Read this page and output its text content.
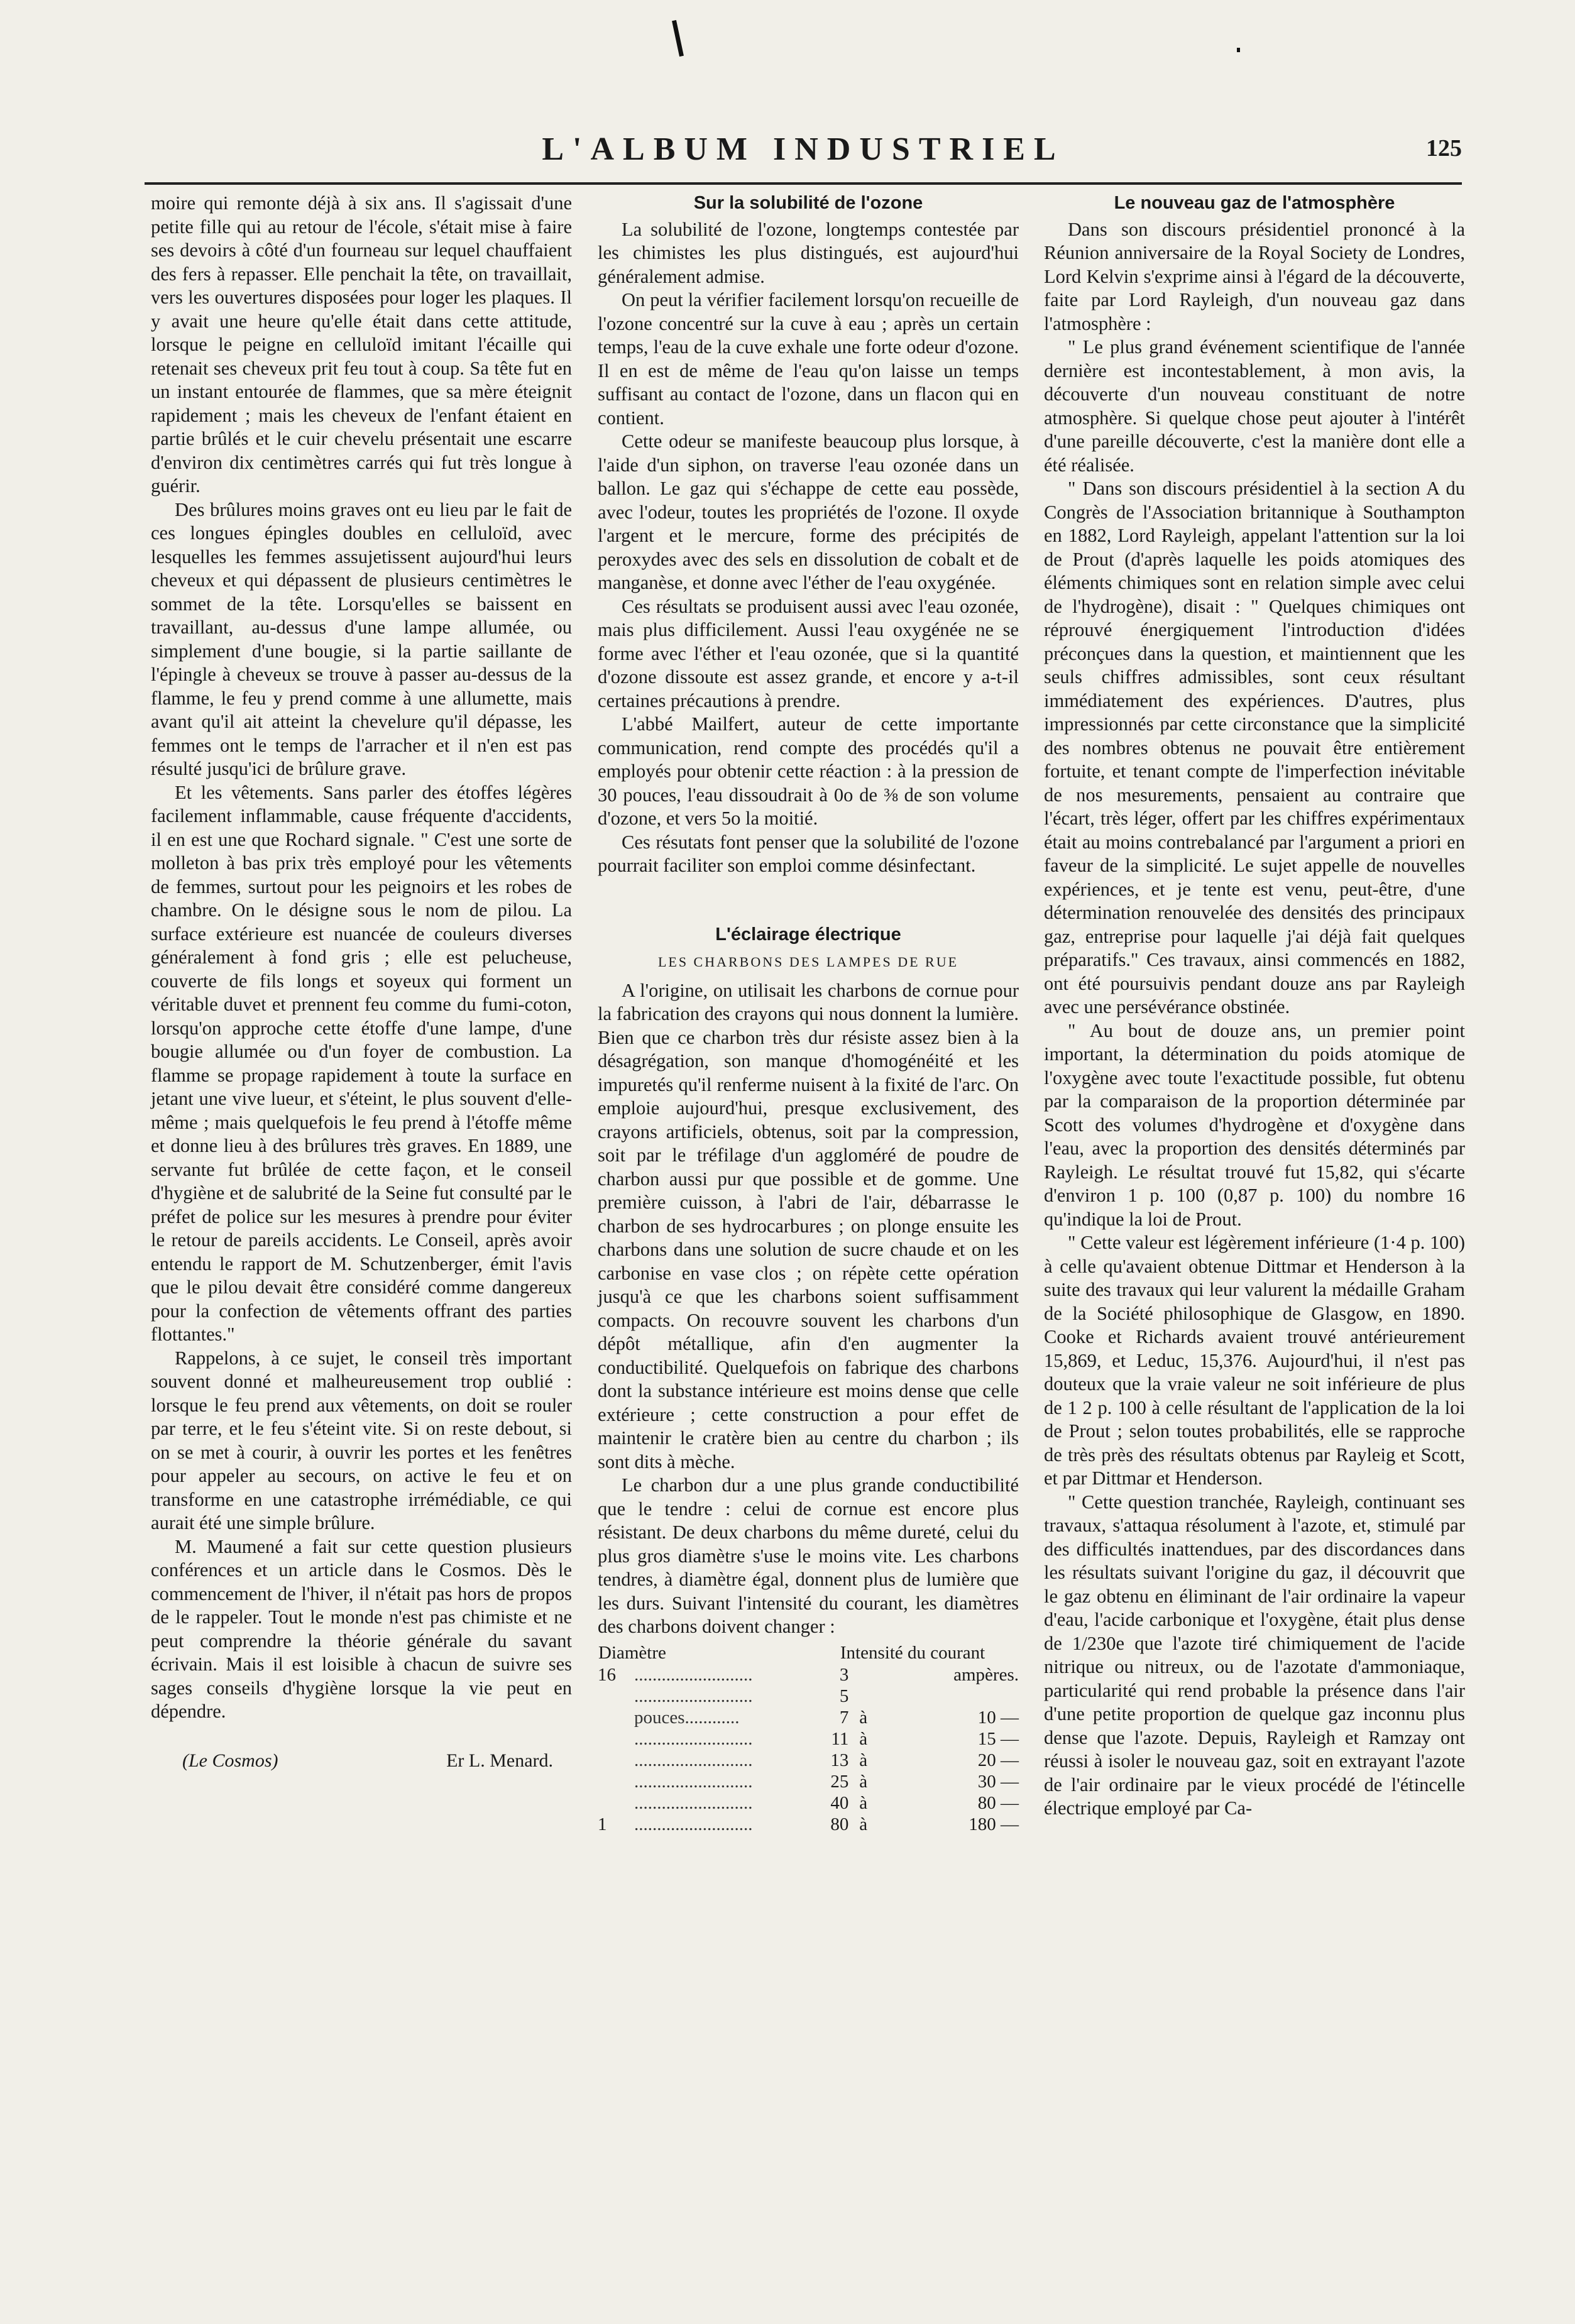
L'ALBUM INDUSTRIEL	125

moire qui remonte déjà à six ans. Il s'agissait d'une petite fille qui au retour de l'école, s'était mise à faire ses devoirs à côté d'un fourneau sur lequel chauffaient des fers à repasser. Elle penchait la tête, on travaillait, vers les ouvertures disposées pour loger les plaques. Il y avait une heure qu'elle était dans cette attitude, lorsque le peigne en celluloïd imitant l'écaille qui retenait ses cheveux prit feu tout à coup. Sa tête fut en un instant entourée de flammes, que sa mère éteignit rapidement ; mais les cheveux de l'enfant étaient en partie brûlés et le cuir chevelu présentait une escarre d'environ dix centimètres carrés qui fut très longue à guérir.

Des brûlures moins graves ont eu lieu par le fait de ces longues épingles doubles en celluloïd, avec lesquelles les femmes assujetissent aujourd'hui leurs cheveux et qui dépassent de plusieurs centimètres le sommet de la tête. Lorsqu'elles se baissent en travaillant, au-dessus d'une lampe allumée, ou simplement d'une bougie, si la partie saillante de l'épingle à cheveux se trouve à passer au-dessus de la flamme, le feu y prend comme à une allumette, mais avant qu'il ait atteint la chevelure qu'il dépasse, les femmes ont le temps de l'arracher et il n'en est pas résulté jusqu'ici de brûlure grave.

Et les vêtements. Sans parler des étoffes légères facilement inflammable, cause fréquente d'accidents, il en est une que Rochard signale. " C'est une sorte de molleton à bas prix très employé pour les vêtements de femmes, surtout pour les peignoirs et les robes de chambre. On le désigne sous le nom de pilou. La surface extérieure est nuancée de couleurs diverses généralement à fond gris ; elle est pelucheuse, couverte de fils longs et soyeux qui forment un véritable duvet et prennent feu comme du fumi-coton, lorsqu'on approche cette étoffe d'une lampe, d'une bougie allumée ou d'un foyer de combustion. La flamme se propage rapidement à toute la surface en jetant une vive lueur, et s'éteint, le plus souvent d'elle-même ; mais quelquefois le feu prend à l'étoffe même et donne lieu à des brûlures très graves. En 1889, une servante fut brûlée de cette façon, et le conseil d'hygiène et de salubrité de la Seine fut consulté par le préfet de police sur les mesures à prendre pour éviter le retour de pareils accidents. Le Conseil, après avoir entendu le rapport de M. Schutzenberger, émit l'avis que le pilou devait être considéré comme dangereux pour la confection de vêtements offrant des parties flottantes."

Rappelons, à ce sujet, le conseil très important souvent donné et malheureusement trop oublié : lorsque le feu prend aux vêtements, on doit se rouler par terre, et le feu s'éteint vite. Si on reste debout, si on se met à courir, à ouvrir les portes et les fenêtres pour appeler au secours, on active le feu et on transforme en une catastrophe irrémédiable, ce qui aurait été une simple brûlure.

M. Maumené a fait sur cette question plusieurs conférences et un article dans le Cosmos. Dès le commencement de l'hiver, il n'était pas hors de propos de le rappeler. Tout le monde n'est pas chimiste et ne peut comprendre la théorie générale du savant écrivain. Mais il est loisible à chacun de suivre ses sages conseils d'hygiène lorsque la vie peut en dépendre.

(Le Cosmos)	Er L. Menard.
Sur la solubilité de l'ozone

La solubilité de l'ozone, longtemps contestée par les chimistes les plus distingués, est aujourd'hui généralement admise.

On peut la vérifier facilement lorsqu'on recueille de l'ozone concentré sur la cuve à eau ; après un certain temps, l'eau de la cuve exhale une forte odeur d'ozone. Il en est de même de l'eau qu'on laisse un temps suffisant au contact de l'ozone, dans un flacon qui en contient.

Cette odeur se manifeste beaucoup plus lorsque, à l'aide d'un siphon, on traverse l'eau ozonée dans un ballon. Le gaz qui s'échappe de cette eau possède, avec l'odeur, toutes les propriétés de l'ozone. Il oxyde l'argent et le mercure, forme des précipités de peroxydes avec des sels en dissolution de cobalt et de manganèse, et donne avec l'éther de l'eau oxygénée.

Ces résultats se produisent aussi avec l'eau ozonée, mais plus difficilement. Aussi l'eau oxygénée ne se forme avec l'éther et l'eau ozonée, que si la quantité d'ozone dissoute est assez grande, et encore y a-t-il certaines précautions à prendre.

L'abbé Mailfert, auteur de cette importante communication, rend compte des procédés qu'il a employés pour obtenir cette réaction : à la pression de 30 pouces, l'eau dissoudrait à 0o de ⅜ de son volume d'ozone, et vers 5o la moitié.

Ces résutats font penser que la solubilité de l'ozone pourrait faciliter son emploi comme désinfectant.

L'éclairage électrique
LES CHARBONS DES LAMPES DE RUE

A l'origine, on utilisait les charbons de cornue pour la fabrication des crayons qui nous donnent la lumière. Bien que ce charbon très dur résiste assez bien à la désagrégation, son manque d'homogénéité et les impuretés qu'il renferme nuisent à la fixité de l'arc. On emploie aujourd'hui, presque exclusivement, des crayons artificiels, obtenus, soit par la compression, soit par le tréfilage d'un aggloméré de poudre de charbon aussi pur que possible et de gomme. Une première cuisson, à l'abri de l'air, débarrasse le charbon de ses hydrocarbures ; on plonge ensuite les charbons dans une solution de sucre chaude et on les carbonise en vase clos ; on répète cette opération jusqu'à ce que les charbons soient suffisamment compacts. On recouvre souvent les charbons d'un dépôt métallique, afin d'en augmenter la conductibilité. Quelquefois on fabrique des charbons dont la substance intérieure est moins dense que celle extérieure ; cette construction a pour effet de maintenir le cratère bien au centre du charbon ; ils sont dits à mèche.

Le charbon dur a une plus grande conductibilité que le tendre : celui de cornue est encore plus résistant. De deux charbons du même dureté, celui du plus gros diamètre s'use le moins vite. Les charbons tendres, à diamètre égal, donnent plus de lumière que les durs. Suivant l'intensité du courant, les diamètres des charbons doivent changer :

Diamètre		Intensité du courant		
16	..........................	3		ampères.
	..........................	5		
	pouces............	7	à	10 —
	..........................	11	à	15 —
	..........................	13	à	20 —
	..........................	25	à	30 —
	..........................	40	à	80 —
1	..........................	80	à	180 —
Le nouveau gaz de l'atmosphère

Dans son discours présidentiel prononcé à la Réunion anniversaire de la Royal Society de Londres, Lord Kelvin s'exprime ainsi à l'égard de la découverte, faite par Lord Rayleigh, d'un nouveau gaz dans l'atmosphère :

" Le plus grand événement scientifique de l'année dernière est incontestablement, à mon avis, la découverte d'un nouveau constituant de notre atmosphère. Si quelque chose peut ajouter à l'intérêt d'une pareille découverte, c'est la manière dont elle a été réalisée.

" Dans son discours présidentiel à la section A du Congrès de l'Association britannique à Southampton en 1882, Lord Rayleigh, appelant l'attention sur la loi de Prout (d'après laquelle les poids atomiques des éléments chimiques sont en relation simple avec celui de l'hydrogène), disait : " Quelques chimiques ont réprouvé énergiquement l'introduction d'idées préconçues dans la question, et maintiennent que les seuls chiffres admissibles, sont ceux résultant immédiatement des expériences. D'autres, plus impressionnés par cette circonstance que la simplicité des nombres obtenus ne pouvait être entièrement fortuite, et tenant compte de l'imperfection inévitable de nos mesurements, pensaient au contraire que l'écart, très léger, offert par les chiffres expérimentaux était au moins contrebalancé par l'argument a priori en faveur de la simplicité. Le sujet appelle de nouvelles expériences, et je tente est venu, peut-être, d'une détermination renouvelée des densités des principaux gaz, entreprise pour laquelle j'ai déjà fait quelques préparatifs." Ces travaux, ainsi commencés en 1882, ont été poursuivis pendant douze ans par Rayleigh avec une persévérance obstinée.

" Au bout de douze ans, un premier point important, la détermination du poids atomique de l'oxygène avec toute l'exactitude possible, fut obtenu par la comparaison de la proportion déterminée par Scott des volumes d'hydrogène et d'oxygène dans l'eau, avec la proportion des densités déterminés par Rayleigh. Le résultat trouvé fut 15,82, qui s'écarte d'environ 1 p. 100 (0,87 p. 100) du nombre 16 qu'indique la loi de Prout.

" Cette valeur est légèrement inférieure (1·4 p. 100) à celle qu'avaient obtenue Dittmar et Henderson à la suite des travaux qui leur valurent la médaille Graham de la Société philosophique de Glasgow, en 1890. Cooke et Richards avaient trouvé antérieurement 15,869, et Leduc, 15,376. Aujourd'hui, il n'est pas douteux que la vraie valeur ne soit inférieure de plus de 1 2 p. 100 à celle résultant de l'application de la loi de Prout ; selon toutes probabilités, elle se rapproche de très près des résultats obtenus par Rayleig et Scott, et par Dittmar et Henderson.

" Cette question tranchée, Rayleigh, continuant ses travaux, s'attaqua résolument à l'azote, et, stimulé par des difficultés inattendues, par des discordances dans les résultats suivant l'origine du gaz, il découvrit que le gaz obtenu en éliminant de l'air ordinaire la vapeur d'eau, l'acide carbonique et l'oxygène, était plus dense de 1/230e que l'azote tiré chimiquement de l'acide nitrique ou nitreux, ou de l'azotate d'ammoniaque, particularité qui rend probable la présence dans l'air d'une petite proportion de quelque gaz inconnu plus dense que l'azote. Depuis, Rayleigh et Ramzay ont réussi à isoler le nouveau gaz, soit en extrayant l'azote de l'air ordinaire par le vieux procédé de l'étincelle électrique employé par Ca-
